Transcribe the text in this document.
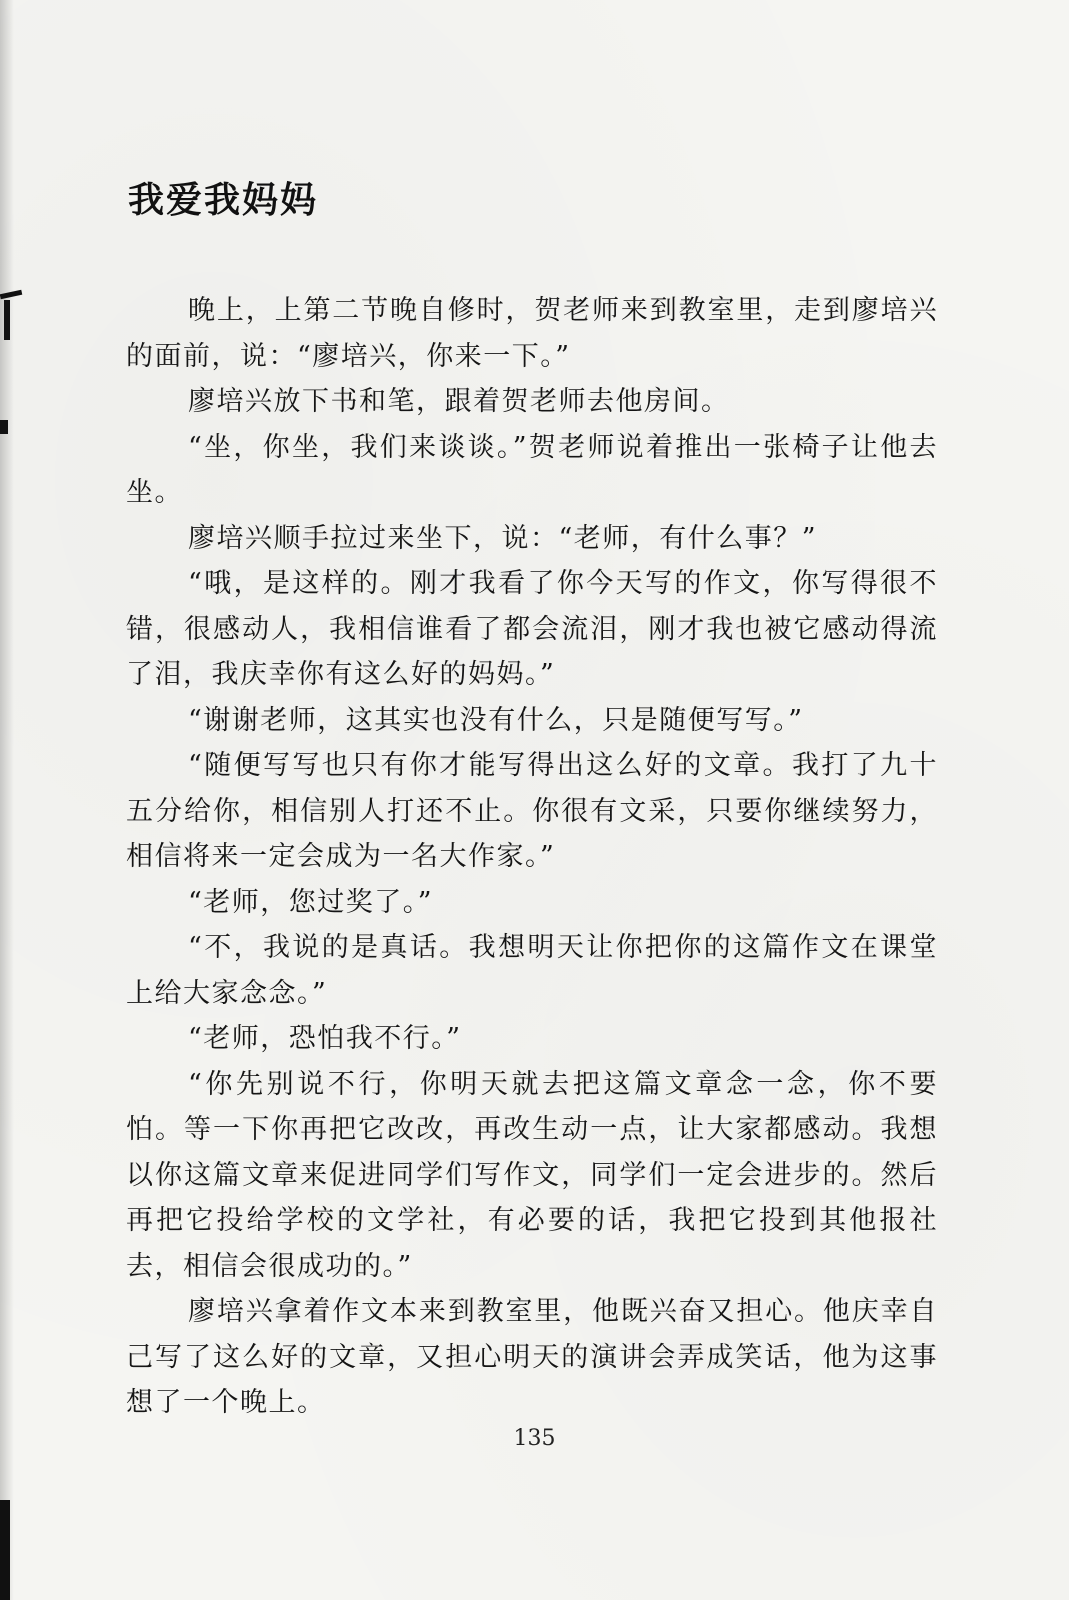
我爱我妈妈

晚上，上第二节晚自修时，贺老师来到教室里，走到廖培兴的面前，说：“廖培兴，你来一下。”

廖培兴放下书和笔，跟着贺老师去他房间。

“坐，你坐，我们来谈谈。”贺老师说着推出一张椅子让他去坐。

廖培兴顺手拉过来坐下，说：“老师，有什么事？”

“哦，是这样的。刚才我看了你今天写的作文，你写得很不错，很感动人，我相信谁看了都会流泪，刚才我也被它感动得流了泪，我庆幸你有这么好的妈妈。”

“谢谢老师，这其实也没有什么，只是随便写写。”

“随便写写也只有你才能写得出这么好的文章。我打了九十五分给你，相信别人打还不止。你很有文采，只要你继续努力，相信将来一定会成为一名大作家。”

“老师，您过奖了。”

“不，我说的是真话。我想明天让你把你的这篇作文在课堂上给大家念念。”

“老师，恐怕我不行。”

“你先别说不行，你明天就去把这篇文章念一念，你不要怕。等一下你再把它改改，再改生动一点，让大家都感动。我想以你这篇文章来促进同学们写作文，同学们一定会进步的。然后再把它投给学校的文学社，有必要的话，我把它投到其他报社去，相信会很成功的。”

廖培兴拿着作文本来到教室里，他既兴奋又担心。他庆幸自己写了这么好的文章，又担心明天的演讲会弄成笑话，他为这事想了一个晚上。

135
